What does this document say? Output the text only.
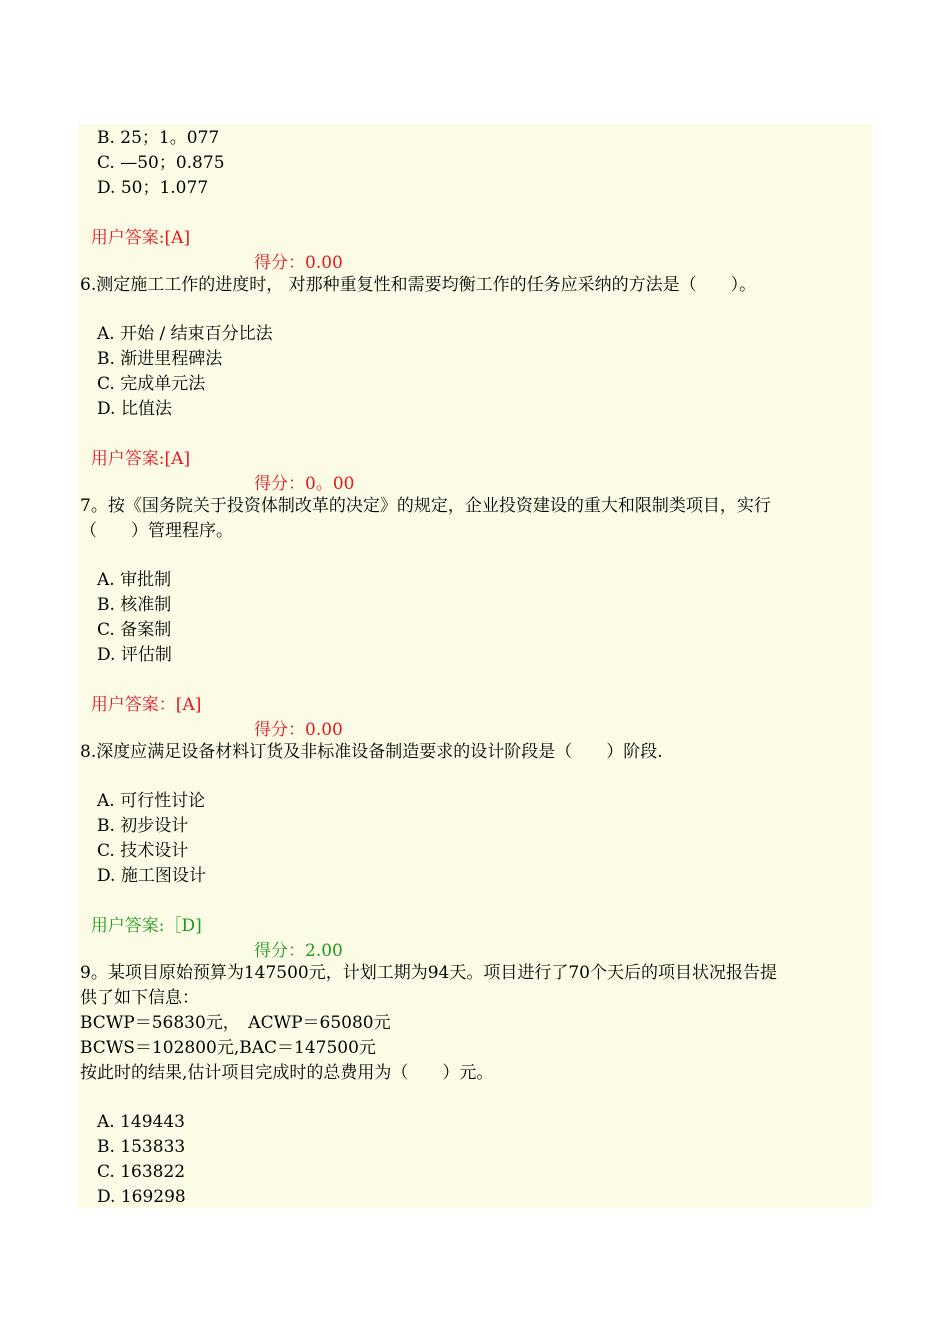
B. 25；1。077
C. —50；0.875
D. 50；1.077

用户答案:[A]

得分：0.00

6.测定施工工作的进度时， 对那种重复性和需要均衡工作的任务应采纳的方法是（　　）。
A. 开始 / 结束百分比法
B. 渐进里程碑法
C. 完成单元法
D. 比值法

用户答案:[A]

得分：0。00

7。按《国务院关于投资体制改革的决定》的规定，企业投资建设的重大和限制类项目，实行
（　　）管理程序。
A. 审批制
B. 核准制
C. 备案制
D. 评估制

用户答案：[A]

得分：0.00

8.深度应满足设备材料订货及非标准设备制造要求的设计阶段是（　　）阶段.
A. 可行性讨论
B. 初步设计
C. 技术设计
D. 施工图设计

用户答案:［D]

得分：2.00

9。某项目原始预算为147500元，计划工期为94天。项目进行了70个天后的项目状况报告提
供了如下信息：
BCWP＝56830元，　ACWP＝65080元
BCWS＝102800元,BAC＝147500元
按此时的结果,估计项目完成时的总费用为（　　）元。
A. 149443
B. 153833
C. 163822
D. 169298
